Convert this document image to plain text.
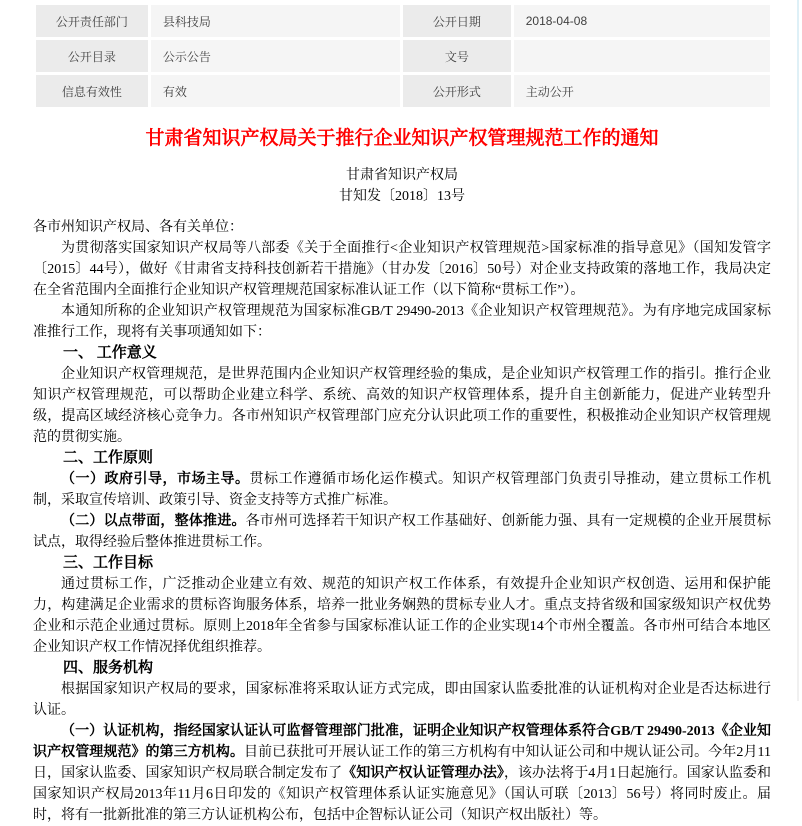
公开责任部门	县科技局	公开日期	2018-04-08
公开目录	公示公告	文号	
信息有效性	有效	公开形式	主动公开
甘肃省知识产权局关于推行企业知识产权管理规范工作的通知
甘肃省知识产权局
甘知发〔2018〕13号

各市州知识产权局、各有关单位：

为贯彻落实国家知识产权局等八部委《关于全面推行<企业知识产权管理规范>国家标准的指导意见》（国知发管字〔2015〕44号），做好《甘肃省支持科技创新若干措施》（甘办发〔2016〕50号）对企业支持政策的落地工作，我局决定在全省范围内全面推行企业知识产权管理规范国家标准认证工作（以下简称“贯标工作”）。

本通知所称的企业知识产权管理规范为国家标准GB/T 29490-2013《企业知识产权管理规范》。为有序地完成国家标准推行工作，现将有关事项通知如下：

一、 工作意义

企业知识产权管理规范，是世界范围内企业知识产权管理经验的集成，是企业知识产权管理工作的指引。推行企业知识产权管理规范，可以帮助企业建立科学、系统、高效的知识产权管理体系，提升自主创新能力，促进产业转型升级，提高区域经济核心竞争力。各市州知识产权管理部门应充分认识此项工作的重要性，积极推动企业知识产权管理规范的贯彻实施。

二、工作原则

（一）政府引导，市场主导。贯标工作遵循市场化运作模式。知识产权管理部门负责引导推动，建立贯标工作机制，采取宣传培训、政策引导、资金支持等方式推广标准。

（二）以点带面，整体推进。各市州可选择若干知识产权工作基础好、创新能力强、具有一定规模的企业开展贯标试点，取得经验后整体推进贯标工作。

三、工作目标

通过贯标工作，广泛推动企业建立有效、规范的知识产权工作体系，有效提升企业知识产权创造、运用和保护能力，构建满足企业需求的贯标咨询服务体系，培养一批业务娴熟的贯标专业人才。重点支持省级和国家级知识产权优势企业和示范企业通过贯标。原则上2018年全省参与国家标准认证工作的企业实现14个市州全覆盖。各市州可结合本地区企业知识产权工作情况择优组织推荐。

四、服务机构

根据国家知识产权局的要求，国家标准将采取认证方式完成，即由国家认监委批准的认证机构对企业是否达标进行认证。

（一）认证机构，指经国家认证认可监督管理部门批准，证明企业知识产权管理体系符合GB/T 29490-2013《企业知识产权管理规范》的第三方机构。目前已获批可开展认证工作的第三方机构有中知认证公司和中规认证公司。今年2月11日，国家认监委、国家知识产权局联合制定发布了《知识产权认证管理办法》，该办法将于4月1日起施行。国家认监委和国家知识产权局2013年11月6日印发的《知识产权管理体系认证实施意见》（国认可联〔2013〕56号）将同时废止。届时，将有一批新批准的第三方认证机构公布，包括中企智标认证公司（知识产权出版社）等。
